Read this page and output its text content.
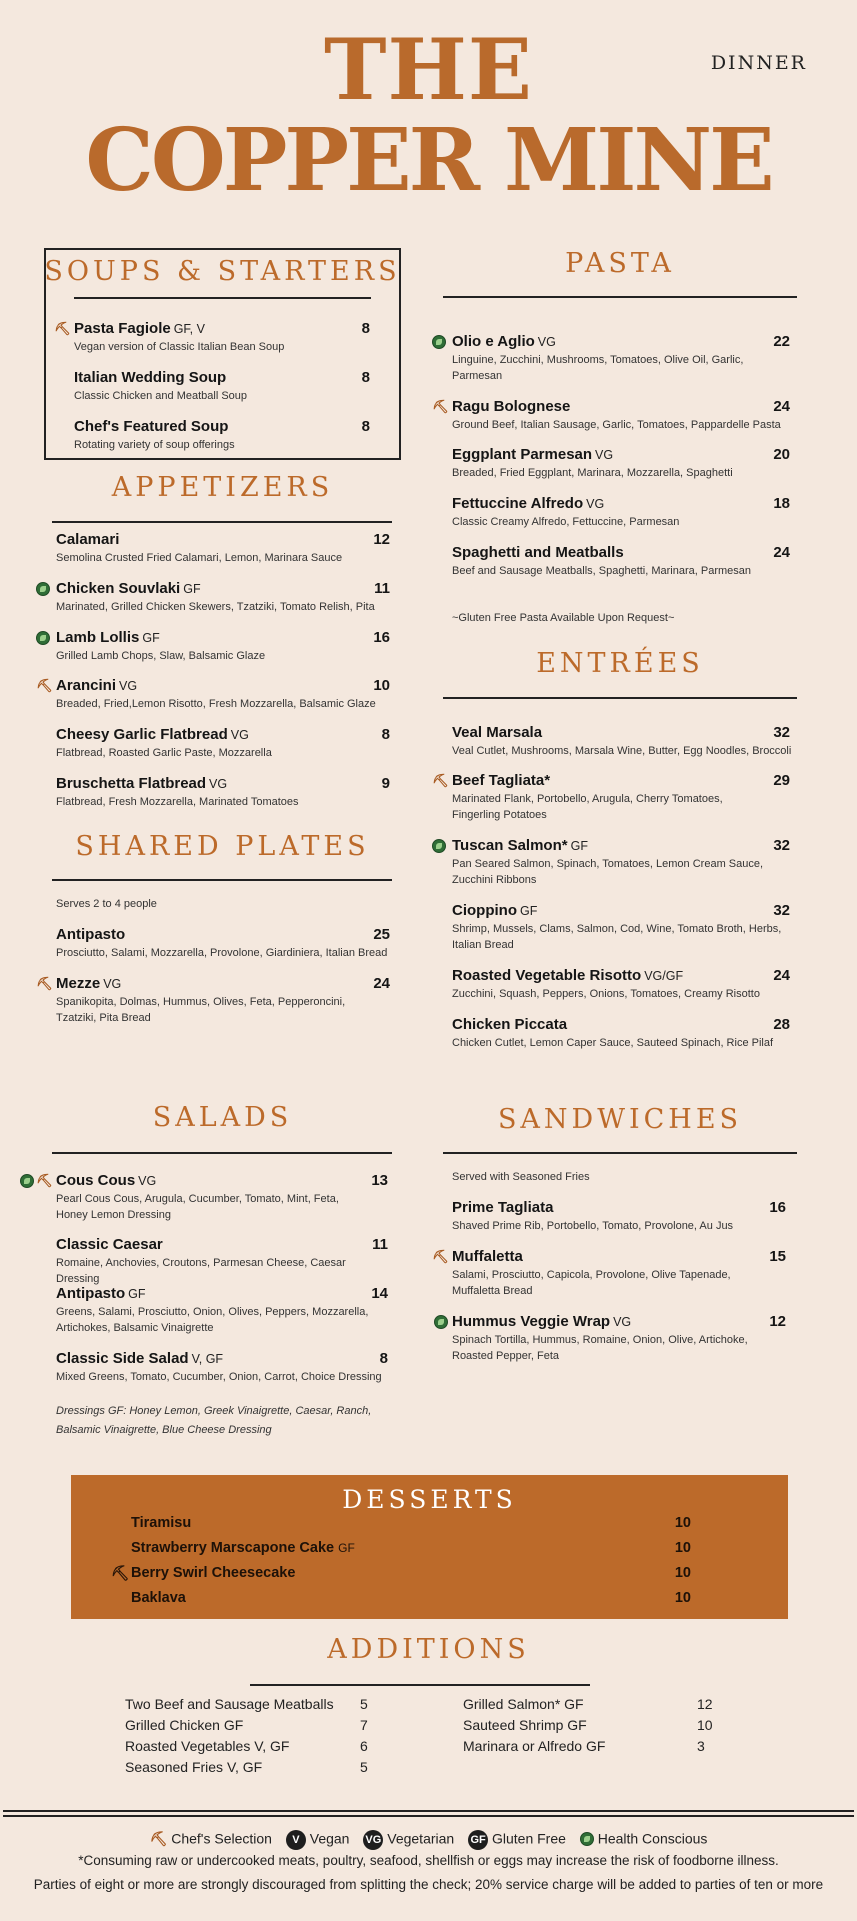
THE
COPPER MINE
DINNER
SOUPS & STARTERS
⛏ Pasta Fagiole GF, V	8
Vegan version of Classic Italian Bean Soup
Italian Wedding Soup	8
Classic Chicken and Meatball Soup
Chef's Featured Soup	8
Rotating variety of soup offerings
APPETIZERS
Calamari	12
Semolina Crusted Fried Calamari, Lemon, Marinara Sauce
Chicken Souvlaki GF	11
Marinated, Grilled Chicken Skewers, Tzatziki, Tomato Relish, Pita
Lamb Lollis GF	16
Grilled Lamb Chops, Slaw, Balsamic Glaze
⛏ Arancini VG	10
Breaded, Fried,Lemon Risotto, Fresh Mozzarella, Balsamic Glaze
Cheesy Garlic Flatbread VG	8
Flatbread, Roasted Garlic Paste, Mozzarella
Bruschetta Flatbread VG	9
Flatbread, Fresh Mozzarella, Marinated Tomatoes
SHARED PLATES
Serves 2 to 4 people
Antipasto	25
Prosciutto, Salami, Mozzarella, Provolone, Giardiniera, Italian Bread
⛏ Mezze VG	24
Spanikopita, Dolmas, Hummus, Olives, Feta, Pepperoncini,
Tzatziki, Pita Bread
PASTA
Olio e Aglio VG	22
Linguine, Zucchini, Mushrooms, Tomatoes, Olive Oil, Garlic,
Parmesan
⛏ Ragu Bolognese	24
Ground Beef, Italian Sausage, Garlic, Tomatoes, Pappardelle Pasta
Eggplant Parmesan VG	20
Breaded, Fried Eggplant, Marinara, Mozzarella, Spaghetti
Fettuccine Alfredo VG	18
Classic Creamy Alfredo, Fettuccine, Parmesan
Spaghetti and Meatballs	24
Beef and Sausage Meatballs, Spaghetti, Marinara, Parmesan
~Gluten Free Pasta Available Upon Request~
ENTRÉES
Veal Marsala	32
Veal Cutlet, Mushrooms, Marsala Wine, Butter, Egg Noodles, Broccoli
⛏ Beef Tagliata*	29
Marinated Flank, Portobello, Arugula, Cherry Tomatoes,
Fingerling Potatoes
Tuscan Salmon* GF	32
Pan Seared Salmon, Spinach, Tomatoes, Lemon Cream Sauce,
Zucchini Ribbons
Cioppino GF	32
Shrimp, Mussels, Clams, Salmon, Cod, Wine, Tomato Broth, Herbs,
Italian Bread
Roasted Vegetable Risotto VG/GF	24
Zucchini, Squash, Peppers, Onions, Tomatoes, Creamy Risotto
Chicken Piccata	28
Chicken Cutlet, Lemon Caper Sauce, Sauteed Spinach, Rice Pilaf
SALADS
⛏ Cous Cous VG	13
Pearl Cous Cous, Arugula, Cucumber, Tomato, Mint, Feta,
Honey Lemon Dressing
Classic Caesar	11
Romaine, Anchovies, Croutons, Parmesan Cheese, Caesar Dressing
Antipasto GF	14
Greens, Salami, Prosciutto, Onion, Olives, Peppers, Mozzarella,
Artichokes, Balsamic Vinaigrette
Classic Side Salad V, GF	8
Mixed Greens, Tomato, Cucumber, Onion, Carrot, Choice Dressing
Dressings GF: Honey Lemon, Greek Vinaigrette, Caesar, Ranch,
Balsamic Vinaigrette, Blue Cheese Dressing
SANDWICHES
Served with Seasoned Fries
Prime Tagliata	16
Shaved Prime Rib, Portobello, Tomato, Provolone, Au Jus
⛏ Muffaletta	15
Salami, Prosciutto, Capicola, Provolone, Olive Tapenade,
Muffaletta Bread
Hummus Veggie Wrap VG	12
Spinach Tortilla, Hummus, Romaine, Onion, Olive, Artichoke,
Roasted Pepper, Feta
DESSERTS
Tiramisu	10
Strawberry Marscapone Cake GF	10
⛏ Berry Swirl Cheesecake	10
Baklava	10
ADDITIONS
Two Beef and Sausage Meatballs 5
Grilled Chicken GF	7
Roasted Vegetables V, GF	6
Seasoned Fries V, GF	5
Grilled Salmon* GF	12
Sauteed Shrimp GF	10
Marinara or Alfredo GF	3
⛏ Chef's Selection V Vegan VG Vegetarian GF Gluten Free Health Conscious
*Consuming raw or undercooked meats, poultry, seafood, shellfish or eggs may increase the risk of foodborne illness.
Parties of eight or more are strongly discouraged from splitting the check; 20% service charge will be added to parties of ten or more
